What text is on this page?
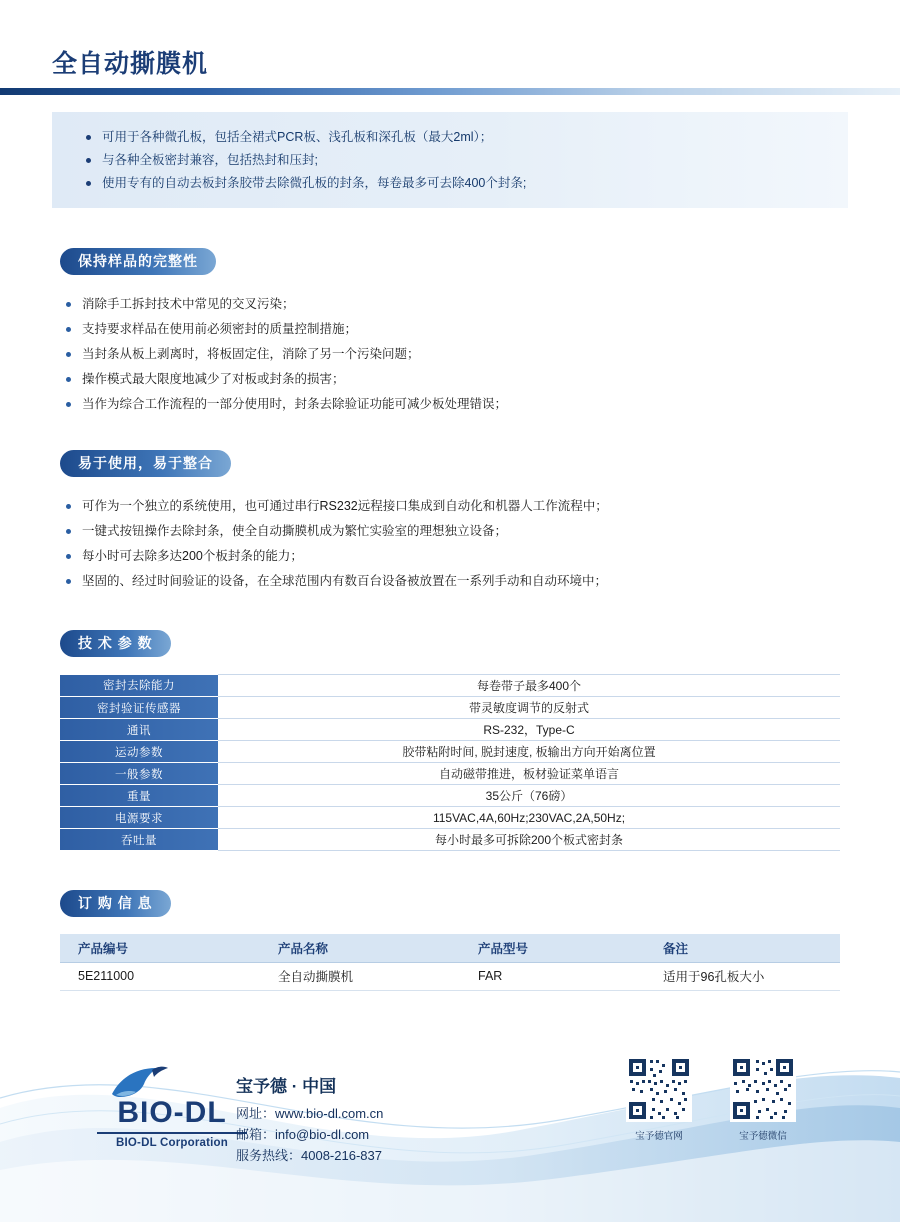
全自动撕膜机
可用于各种微孔板，包括全裙式PCR板、浅孔板和深孔板（最大2ml）；
与各种全板密封兼容，包括热封和压封;
使用专有的自动去板封条胶带去除微孔板的封条，每卷最多可去除400个封条;
保持样品的完整性
消除手工拆封技术中常见的交叉污染；
支持要求样品在使用前必须密封的质量控制措施；
当封条从板上剥离时，将板固定住，消除了另一个污染问题；
操作模式最大限度地减少了对板或封条的损害；
当作为综合工作流程的一部分使用时，封条去除验证功能可减少板处理错误；
易于使用，易于整合
可作为一个独立的系统使用，也可通过串行RS232远程接口集成到自动化和机器人工作流程中；
一键式按钮操作去除封条，使全自动撕膜机成为繁忙实验室的理想独立设备；
每小时可去除多达200个板封条的能力；
坚固的、经过时间验证的设备，在全球范围内有数百台设备被放置在一系列手动和自动环境中；
技 术 参 数
密封去除能力	每卷带子最多400个
密封验证传感器	带灵敏度调节的反射式
通讯	RS-232，Type-C
运动参数	胶带粘附时间, 脱封速度, 板输出方向开始离位置
一般参数	自动磁带推进，板材验证菜单语言
重量	35公斤（76磅）
电源要求	115VAC,4A,60Hz;230VAC,2A,50Hz;
吞吐量	每小时最多可拆除200个板式密封条
订 购 信 息
产品编号	产品名称	产品型号	备注
5E211000	全自动撕膜机	FAR	适用于96孔板大小
BIO-DL
BIO-DL Corporation
宝予德 · 中国
网址：www.bio-dl.com.cn
邮箱：info@bio-dl.com
服务热线：4008-216-837
宝予德官网	宝予德微信
